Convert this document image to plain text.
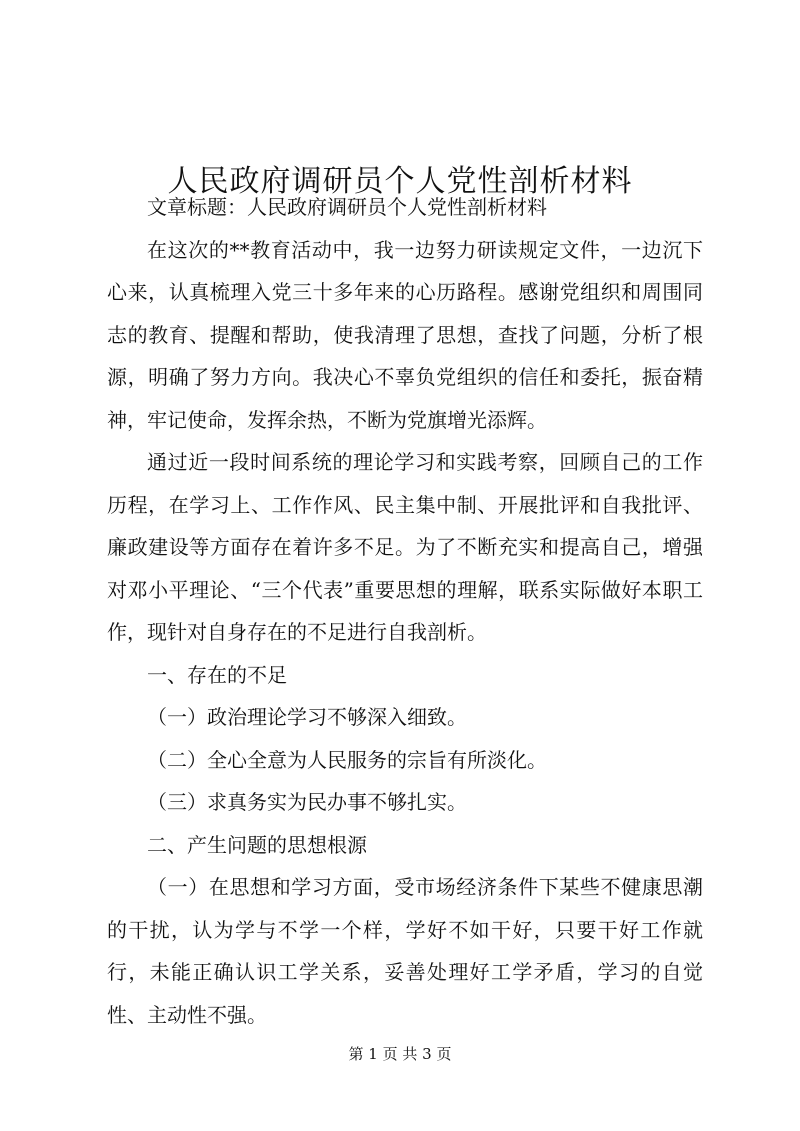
人民政府调研员个人党性剖析材料

文章标题：人民政府调研员个人党性剖析材料

在这次的**教育活动中，我一边努力研读规定文件，一边沉下心来，认真梳理入党三十多年来的心历路程。感谢党组织和周围同志的教育、提醒和帮助，使我清理了思想，查找了问题，分析了根源，明确了努力方向。我决心不辜负党组织的信任和委托，振奋精神，牢记使命，发挥余热，不断为党旗增光添辉。

通过近一段时间系统的理论学习和实践考察，回顾自己的工作历程，在学习上、工作作风、民主集中制、开展批评和自我批评、廉政建设等方面存在着许多不足。为了不断充实和提高自己，增强对邓小平理论、“三个代表”重要思想的理解，联系实际做好本职工作，现针对自身存在的不足进行自我剖析。

一、存在的不足

（一）政治理论学习不够深入细致。

（二）全心全意为人民服务的宗旨有所淡化。

（三）求真务实为民办事不够扎实。

二、产生问题的思想根源

（一）在思想和学习方面，受市场经济条件下某些不健康思潮的干扰，认为学与不学一个样，学好不如干好，只要干好工作就行，未能正确认识工学关系，妥善处理好工学矛盾，学习的自觉性、主动性不强。

第 1 页 共 3 页
